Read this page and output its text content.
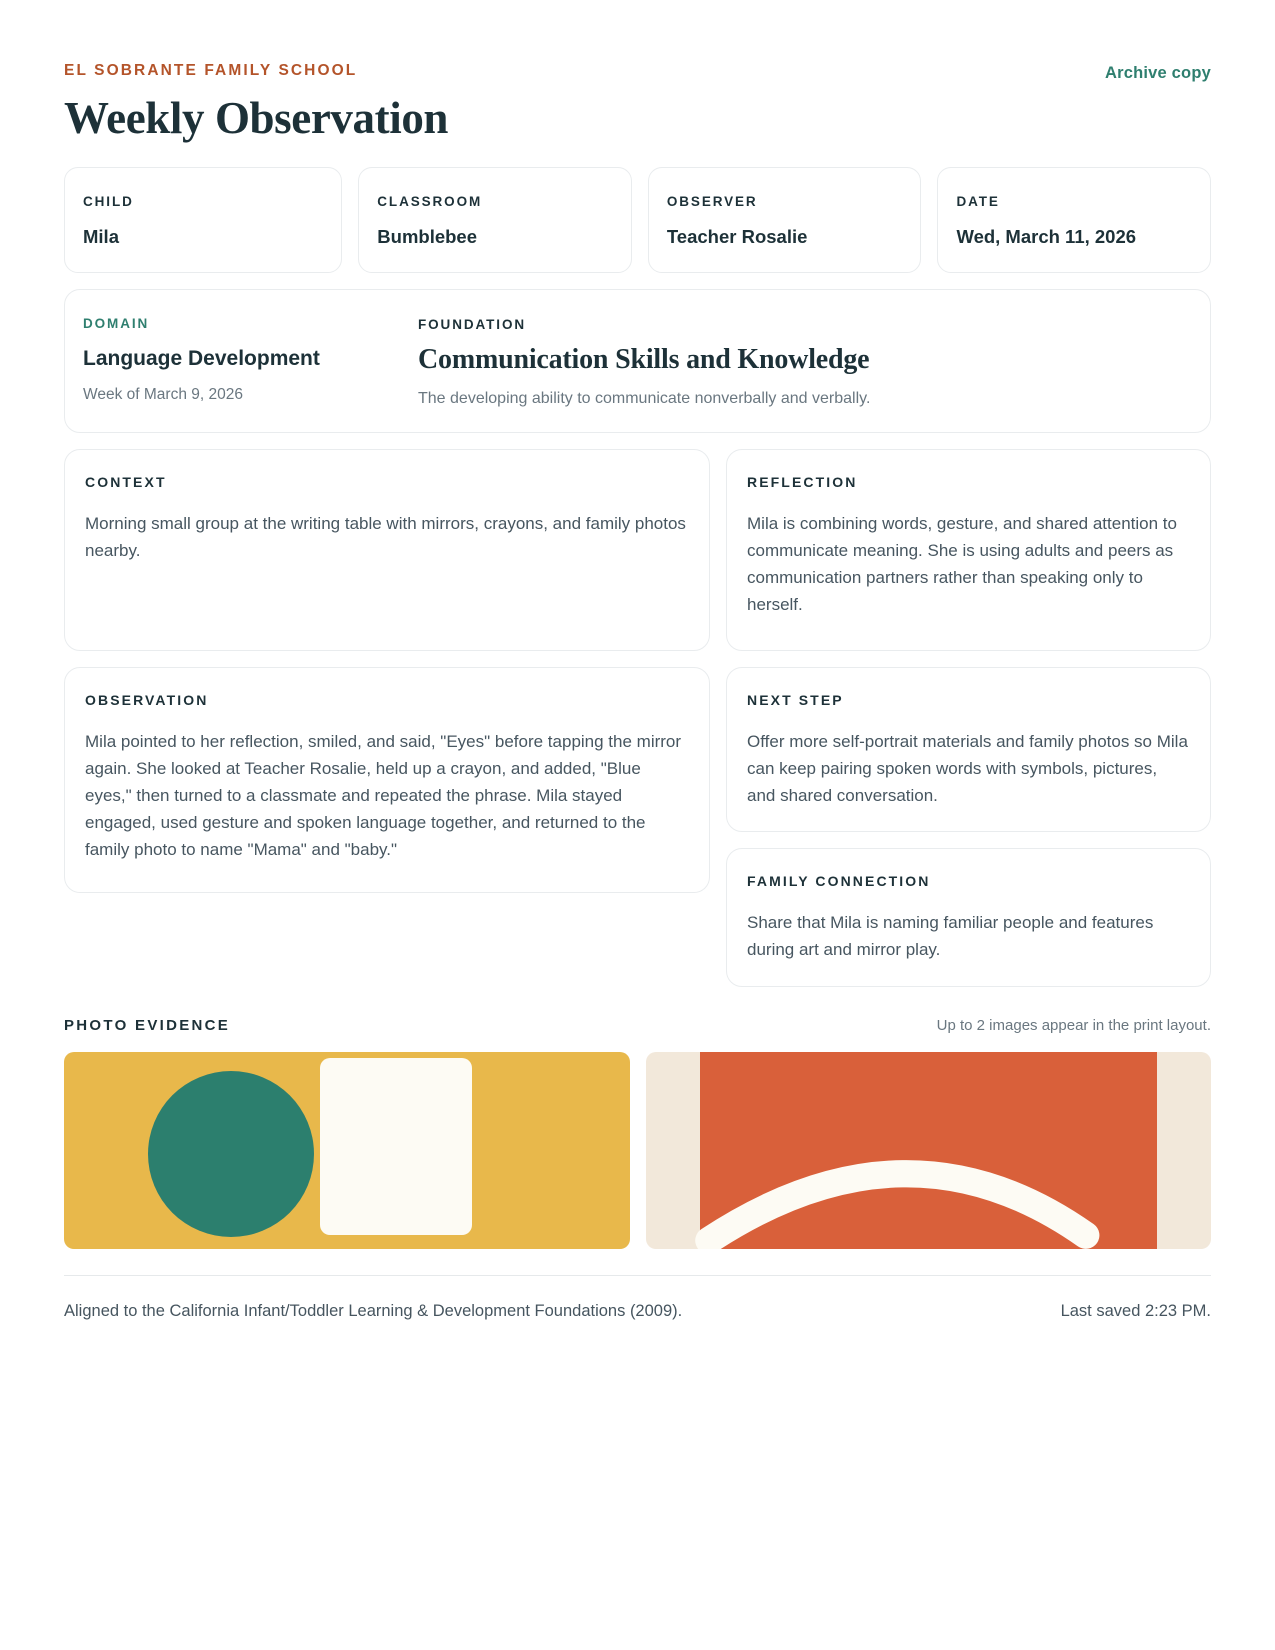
EL SOBRANTE FAMILY SCHOOL	Archive copy
Weekly Observation
CHILD
Mila
CLASSROOM
Bumblebee
OBSERVER
Teacher Rosalie
DATE
Wed, March 11, 2026
DOMAIN
Language Development
Week of March 9, 2026
FOUNDATION
Communication Skills and Knowledge
The developing ability to communicate nonverbally and verbally.
CONTEXT
Morning small group at the writing table with mirrors, crayons, and family photos nearby.
OBSERVATION
Mila pointed to her reflection, smiled, and said, "Eyes" before tapping the mirror again. She looked at Teacher Rosalie, held up a crayon, and added, "Blue eyes," then turned to a classmate and repeated the phrase. Mila stayed engaged, used gesture and spoken language together, and returned to the family photo to name "Mama" and "baby."
REFLECTION
Mila is combining words, gesture, and shared attention to communicate meaning. She is using adults and peers as communication partners rather than speaking only to herself.
NEXT STEP
Offer more self-portrait materials and family photos so Mila can keep pairing spoken words with symbols, pictures, and shared conversation.
FAMILY CONNECTION
Share that Mila is naming familiar people and features during art and mirror play.
PHOTO EVIDENCE	Up to 2 images appear in the print layout.
Aligned to the California Infant/Toddler Learning & Development Foundations (2009).	Last saved 2:23 PM.
